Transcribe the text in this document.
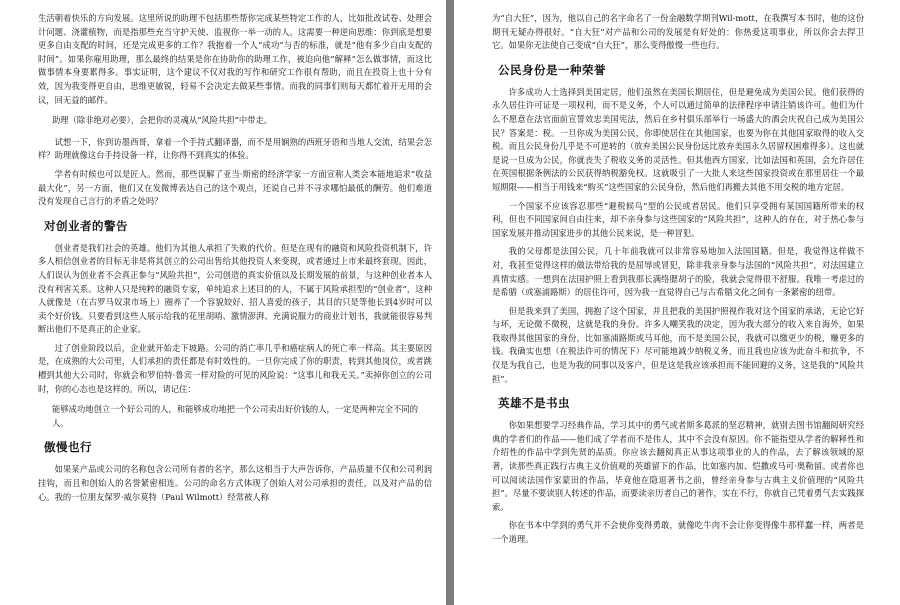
生活朝着快乐的方向发展。这里所说的助理不包括那些帮你完成某些特定工作的人，比如批改试卷、处理会计问题、浇灌植物，而是指那些充当守护天使、监视你一举一动的人。这需要一种逆向思维：你到底是想要更多自由支配的时间，还是完成更多的工作？我抱着一个人“成功”与否的标准，就是“他有多少自由支配的时间”。如果你雇用助理，那么最终的结果是你在协助你的助理工作，被迫向他“解释”怎么做事情，而这比做事情本身要累得多。事实证明，这个建议不仅对我的写作和研究工作很有帮助，而且在投资上也十分有效，因为我变得更自由，思维更敏锐，轻易不会决定去做某些事情。而我的同事们则每天都忙着开无用的会议，回无益的邮件。

助理（除非绝对必要），会把你的灵魂从“风险共担”中带走。

试想一下，你到访墨西哥，拿着一个手持式翻译器，而不是用娴熟的西班牙语和当地人交流，结果会怎样？助理就像这台手持设备一样，让你得不到真实的体验。

学者有时候也可以是匠人。然而，那些误解了亚当·斯密的经济学家一方面宣称人类会本能地追求“收益最大化”，另一方面，他们又在发微博表达自己的这个观点，还说自己并不寻求哪怕最低的酬劳。他们难道没有发现自己言行的矛盾之处吗？

对创业者的警告

创业者是我们社会的英雄。他们为其他人承担了失败的代价。但是在现有的融资和风险投资机制下，许多人相信创业者的目标无非是将其创立的公司出售给其他投资人来变现，或者通过上市来最终套现。因此，人们误认为创业者不会真正参与“风险共担”，公司创造的真实价值以及长期发展的前景，与这种创业者本人没有利害关系。这种人只是纯粹的融资专家，单纯追求上述目的的人，不属于风险承担型的“创业者”，这种人就像是（在古罗马奴隶市场上）圈养了一个容貌姣好、招人喜爱的孩子，其目的只是等他长到4岁时可以卖个好价钱。只要看到这些人展示给我的花里胡哨、激情澎湃、充满说服力的商业计划书，我就能很容易判断出他们不是真正的企业家。

过了创业阶段以后，企业就开始走下坡路。公司的消亡率几乎和癌症病人的死亡率一样高。其主要原因是，在成熟的大公司里，人们承担的责任都是有时效性的。一旦你完成了你的职责，转到其他岗位，或者跳槽到其他大公司时，你就会和罗伯特·鲁宾一样对险的可见的风险说：“这事儿和我无关。”卖掉你创立的公司时，你的心态也是这样的。所以，请记住：

能够成功地创立一个好公司的人，和能够成功地把一个公司卖出好价钱的人，一定是两种完全不同的人。

傲慢也行

如果某产品或公司的名称包含公司所有者的名字，那么这相当于大声告诉你，产品质量不仅和公司利润挂钩，而且和创始人的名誉紧密相连。公司的命名方式体现了创始人对公司承担的责任，以及对产品的信心。我的一位朋友保罗·威尔莫特（Paul Wilmott）经常被人称

为“自大狂”，因为，他以自己的名字命名了一份金融数学期刊Wil-mott，在我撰写本书时，他的这份期刊无疑办得很好。“自大狂”对产品和公司的发展是有好处的：你热爱这项事业，所以你会去捍卫它。如果你无法使自己变成“自大狂”，那么变得傲慢一些也行。

公民身份是一种荣誉

许多成功人士选择到美国定居，他们虽然在美国长期居住，但是避免成为美国公民。他们获得的永久居住许可证是一项权利，而不是义务，个人可以通过简单的法律程序申请注销该许可。他们为什么不愿意在法官面前宣誓效忠美国宪法，然后在乡村俱乐部举行一场盛大的酒会庆祝自己成为美国公民？答案是：税。一旦你成为美国公民，你即使居住在其他国家，也要为你在其他国家取得的收入交税。而且公民身份几乎是不可逆转的（放弃美国公民身份远比放弃美国永久居留权困难得多）。这也就是说一旦成为公民，你就丧失了税收义务的灵活性。但其他西方国家，比如法国和英国，会允许居住在英国根据条例法的公民获得纳税豁免权。这就吸引了一大批人来这些国家投资或在那里居住一个最短期限——相当于用钱来“购买”这些国家的公民身份，然后他们再搬去其他不用交税的地方定居。

一个国家不应该容忍那些“避税候鸟”型的公民或者居民。他们只享受拥有某国国籍所带来的权利，但也不同国家间自由往来，却不亲身参与这些国家的“风险共担”，这种人的存在，对于热心参与国家发展并推动国家进步的其他公民来说，是一种冒犯。

我的父母都是法国公民，几十年前我就可以非常容易地加入法国国籍。但是，我觉得这样做不对，我甚至觉得这样的做法带给我的是屈辱或冒犯，除非我亲身参与法国的“风险共担”，对法国建立真情实感。一想到在法国护照上看到我那长满络腮胡子的脸，我就会觉得很不舒服。我唯一考虑过的是希腊（或塞浦路斯）的居住许可，因为我一直觉得自己与古希腊文化之间有一条紧密的纽带。

但是我来到了美国，拥抱了这个国家，并且把我的美国护照视作我对这个国家的承诺，无论它好与坏，无论微不微税，这就是我的身份。许多人嘲笑我的决定，因为我大部分的收入来自海外，如果我取得其他国家的身份，比如塞浦路斯或马耳他，而不是美国公民，我就可以缴更少的税，赚更多的钱。我确实也想（在税法许可的情况下）尽可能地减少纳税义务，而且我也应该为此奋斗和抗争，不仅是为我自己，也是为我的同事以及客户，但是这是我应该承担而不能回避的义务，这是我的“风险共担”。

英雄不是书虫

你如果想要学习经典作品，学习其中的勇气或者斯多葛派的坚忍精神，就别去图书馆翻阅研究经典的学者们的作品——他们成了学者而不是伟人，其中不会没有原因。你不能指望从学者的解释性和介绍性的作品中学到先贤的品质。你应该去翻阅真正从事这项事业的人的作品，去了解该领域的原著，读那些真正践行古典主义价值观的英雄留下的作品，比如塞内加、恺撒或马可·奥勒留。或者你也可以阅读法国作家蒙田的作品，毕竟他在隐退著书之前，曾经亲身参与古典主义价值理的“风险共担”。尽量不要读别人转述的作品，而要读亲历者自己的著作，实在不行，你就自己凭着勇气去实践探索。

你在书本中学到的勇气并不会使你变得勇敢，就像吃牛肉不会让你变得像牛那样蠢一样，两者是一个道理。
